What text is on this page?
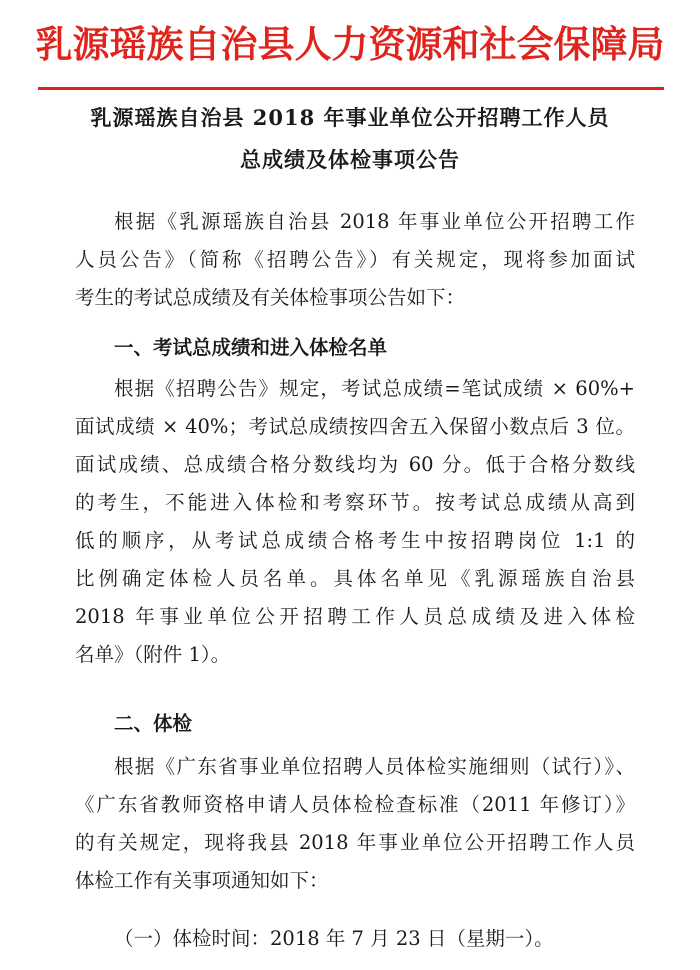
乳源瑶族自治县人力资源和社会保障局
乳源瑶族自治县 2018 年事业单位公开招聘工作人员
总成绩及体检事项公告
根据《乳源瑶族自治县 2018 年事业单位公开招聘工作
人员公告》（简称《招聘公告》）有关规定，现将参加面试
考生的考试总成绩及有关体检事项公告如下：
一、考试总成绩和进入体检名单
根据《招聘公告》规定，考试总成绩=笔试成绩 × 60%+
面试成绩 × 40%；考试总成绩按四舍五入保留小数点后 3 位。
面试成绩、总成绩合格分数线均为 60 分。低于合格分数线
的考生，不能进入体检和考察环节。按考试总成绩从高到
低的顺序，从考试总成绩合格考生中按招聘岗位 1:1 的
比例确定体检人员名单。具体名单见《乳源瑶族自治县
2018 年事业单位公开招聘工作人员总成绩及进入体检
名单》（附件 1）。
二、体检
根据《广东省事业单位招聘人员体检实施细则（试行）》、
《广东省教师资格申请人员体检检查标准（2011 年修订）》
的有关规定，现将我县 2018 年事业单位公开招聘工作人员
体检工作有关事项通知如下：
（一）体检时间：2018 年 7 月 23 日（星期一）。
